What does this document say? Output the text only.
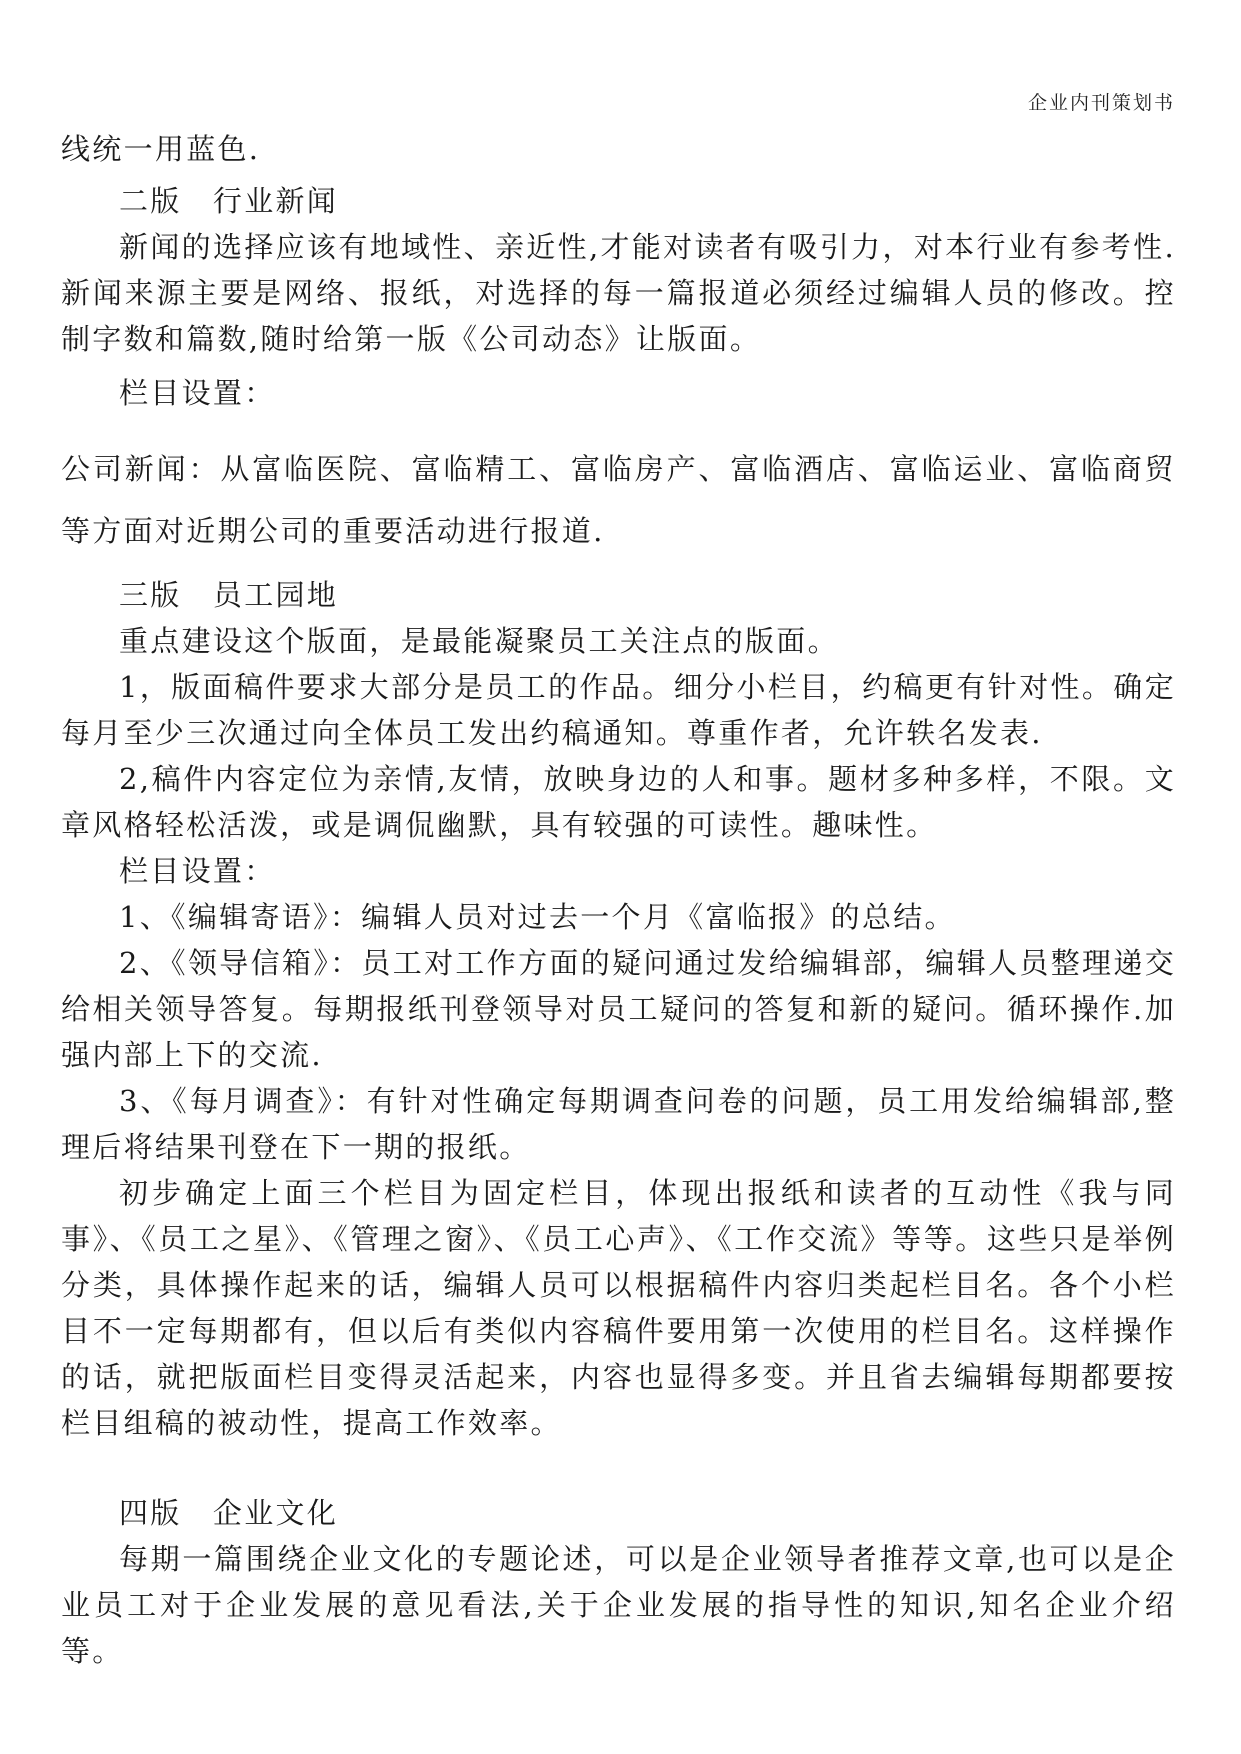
企业内刊策划书

线统一用蓝色.

二版　行业新闻

新闻的选择应该有地域性、亲近性,才能对读者有吸引力，对本行业有参考性.新闻来源主要是网络、报纸，对选择的每一篇报道必须经过编辑人员的修改。控制字数和篇数,随时给第一版《公司动态》让版面。

栏目设置：

公司新闻：从富临医院、富临精工、富临房产、富临酒店、富临运业、富临商贸等方面对近期公司的重要活动进行报道.

三版　员工园地

重点建设这个版面，是最能凝聚员工关注点的版面。

1，版面稿件要求大部分是员工的作品。细分小栏目，约稿更有针对性。确定每月至少三次通过向全体员工发出约稿通知。尊重作者，允许轶名发表.

2,稿件内容定位为亲情,友情，放映身边的人和事。题材多种多样，不限。文章风格轻松活泼，或是调侃幽默，具有较强的可读性。趣味性。

栏目设置：

1、《编辑寄语》：编辑人员对过去一个月《富临报》的总结。

2、《领导信箱》：员工对工作方面的疑问通过发给编辑部，编辑人员整理递交给相关领导答复。每期报纸刊登领导对员工疑问的答复和新的疑问。循环操作.加强内部上下的交流.

3、《每月调查》：有针对性确定每期调查问卷的问题，员工用发给编辑部,整理后将结果刊登在下一期的报纸。

初步确定上面三个栏目为固定栏目，体现出报纸和读者的互动性《我与同事》、《员工之星》、《管理之窗》、《员工心声》、《工作交流》等等。这些只是举例分类，具体操作起来的话，编辑人员可以根据稿件内容归类起栏目名。各个小栏目不一定每期都有，但以后有类似内容稿件要用第一次使用的栏目名。这样操作的话，就把版面栏目变得灵活起来，内容也显得多变。并且省去编辑每期都要按栏目组稿的被动性，提高工作效率。

四版　企业文化

每期一篇围绕企业文化的专题论述，可以是企业领导者推荐文章,也可以是企业员工对于企业发展的意见看法,关于企业发展的指导性的知识,知名企业介绍等。
